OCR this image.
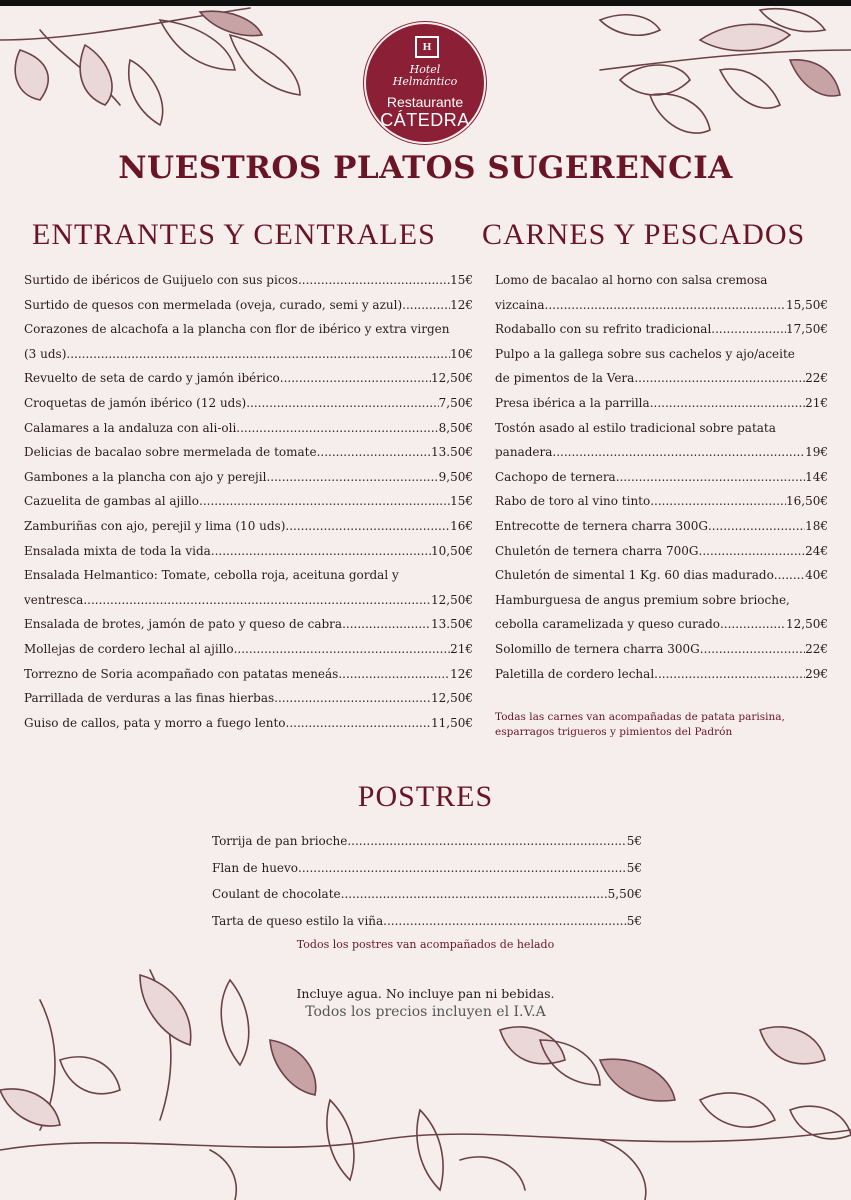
H
Hotel
Helmántico
Restaurante
CÁTEDRA
NUESTROS PLATOS SUGERENCIA
ENTRANTES Y CENTRALES CARNES Y PESCADOS
Surtido de ibéricos de Guijuelo con sus picos .....	15€
Surtido de quesos con mermelada (oveja, curado, semi y azul) .....	12€
Corazones de alcachofa a la plancha con flor de ibérico y extra virgen
(3 uds) .....	10€
Revuelto de seta de cardo y jamón ibérico .....	12,50€
Croquetas de jamón ibérico (12 uds) .....	7,50€
Calamares a la andaluza con ali-oli .....	8,50€
Delicias de bacalao sobre mermelada de tomate .....	13.50€
Gambones a la plancha con ajo y perejil .....	9,50€
Cazuelita de gambas al ajillo .....	15€
Zamburiñas con ajo, perejil y lima (10 uds) .....	16€
Ensalada mixta de toda la vida .....	10,50€
Ensalada Helmantico: Tomate, cebolla roja, aceituna gordal y
ventresca .....	12,50€
Ensalada de brotes, jamón de pato y queso de cabra .....	13.50€
Mollejas de cordero lechal al ajillo .....	21€
Torrezno de Soria acompañado con patatas meneás .....	12€
Parrillada de verduras a las finas hierbas .....	12,50€
Guiso de callos, pata y morro a fuego lento .....	11,50€
Lomo de bacalao al horno con salsa cremosa
vizcaina .....	15,50€
Rodaballo con su refrito tradicional .....	17,50€
Pulpo a la gallega sobre sus cachelos y ajo/aceite
de pimentos de la Vera .....	22€
Presa ibérica a la parrilla .....	21€
Tostón asado al estilo tradicional sobre patata
panadera .....	19€
Cachopo de ternera .....	14€
Rabo de toro al vino tinto .....	16,50€
Entrecotte de ternera charra 300G .....	18€
Chuletón de ternera charra 700G .....	24€
Chuletón de simental 1 Kg. 60 dias madurado .....	40€
Hamburguesa de angus premium sobre brioche,
cebolla caramelizada y queso curado .....	12,50€
Solomillo de ternera charra 300G .....	22€
Paletilla de cordero lechal .....	29€
Todas las carnes van acompañadas de patata parisina,
esparragos trigueros y pimientos del Padrón
POSTRES
Torrija de pan brioche .....	5€
Flan de huevo .....	5€
Coulant de chocolate .....	5,50€
Tarta de queso estilo la viña .....	5€
Todos los postres van acompañados de helado
Incluye agua. No incluye pan ni bebidas.
Todos los precios incluyen el I.V.A
